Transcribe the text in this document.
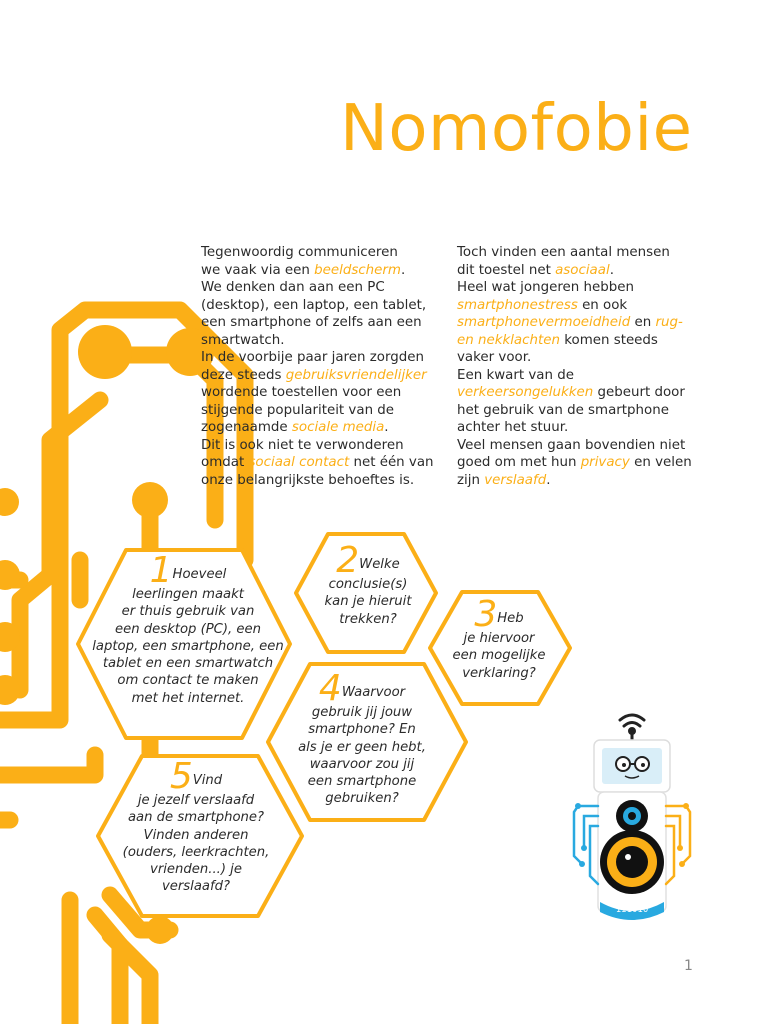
Nomofobie

Tegenwoordig communiceren
we vaak via een beeldscherm.
We denken dan aan een PC
(desktop), een laptop, een tablet,
een smartphone of zelfs aan een
smartwatch.
In de voorbije paar jaren zorgden
deze steeds gebruiksvriendelijker
wordende toestellen voor een
stijgende populariteit van de
zogenaamde sociale media.
Dit is ook niet te verwonderen
omdat sociaal contact net één van
onze belangrijkste behoeftes is.

Toch vinden een aantal mensen
dit toestel net asociaal.
Heel wat jongeren hebben
smartphonestress en ook
smartphonevermoeidheid en rug-
en nekklachten komen steeds
vaker voor.
Een kwart van de
verkeersongelukken gebeurt door
het gebruik van de smartphone
achter het stuur.
Veel mensen gaan bovendien niet
goed om met hun privacy en velen
zijn verslaafd.

1Hoeveel
leerlingen maakt
er thuis gebruik van
een desktop (PC), een
laptop, een smartphone, een
tablet en een smartwatch
om contact te maken
met het internet.
2Welke
conclusie(s)
kan je hieruit
trekken?	3Heb
je hiervoor
een mogelijke
verklaring?
4Waarvoor
gebruik jij jouw
smartphone? En
als je er geen hebt,
waarvoor zou jij
een smartphone
gebruiken?
5Vind
je jezelf verslaafd
aan de smartphone?
Vinden anderen
(ouders, leerkrachten,
vrienden...) je
verslaafd?
1i1010
1
